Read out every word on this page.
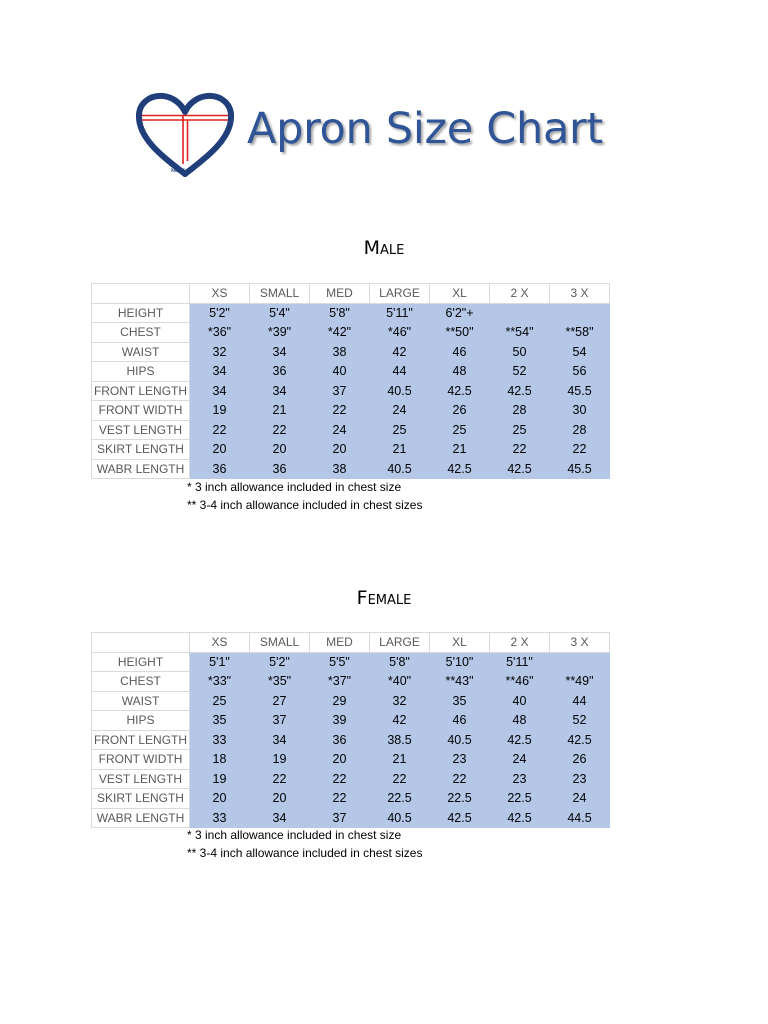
MedTach
Apron Size Chart
Male
	XS	SMALL	MED	LARGE	XL	2 X	3 X
HEIGHT	5'2"	5'4"	5'8"	5'11"	6'2"+		
CHEST	*36"	*39"	*42"	*46"	**50"	**54"	**58"
WAIST	32	34	38	42	46	50	54
HIPS	34	36	40	44	48	52	56
FRONT LENGTH	34	34	37	40.5	42.5	42.5	45.5
FRONT WIDTH	19	21	22	24	26	28	30
VEST LENGTH	22	22	24	25	25	25	28
SKIRT LENGTH	20	20	20	21	21	22	22
WABR LENGTH	36	36	38	40.5	42.5	42.5	45.5

* 3 inch allowance included in chest size

** 3-4 inch allowance included in chest sizes

Female
	XS	SMALL	MED	LARGE	XL	2 X	3 X
HEIGHT	5'1"	5'2"	5'5"	5'8"	5'10"	5'11"	
CHEST	*33"	*35"	*37"	*40"	**43"	**46"	**49"
WAIST	25	27	29	32	35	40	44
HIPS	35	37	39	42	46	48	52
FRONT LENGTH	33	34	36	38.5	40.5	42.5	42.5
FRONT WIDTH	18	19	20	21	23	24	26
VEST LENGTH	19	22	22	22	22	23	23
SKIRT LENGTH	20	20	22	22.5	22.5	22.5	24
WABR LENGTH	33	34	37	40.5	42.5	42.5	44.5

* 3 inch allowance included in chest size

** 3-4 inch allowance included in chest sizes
